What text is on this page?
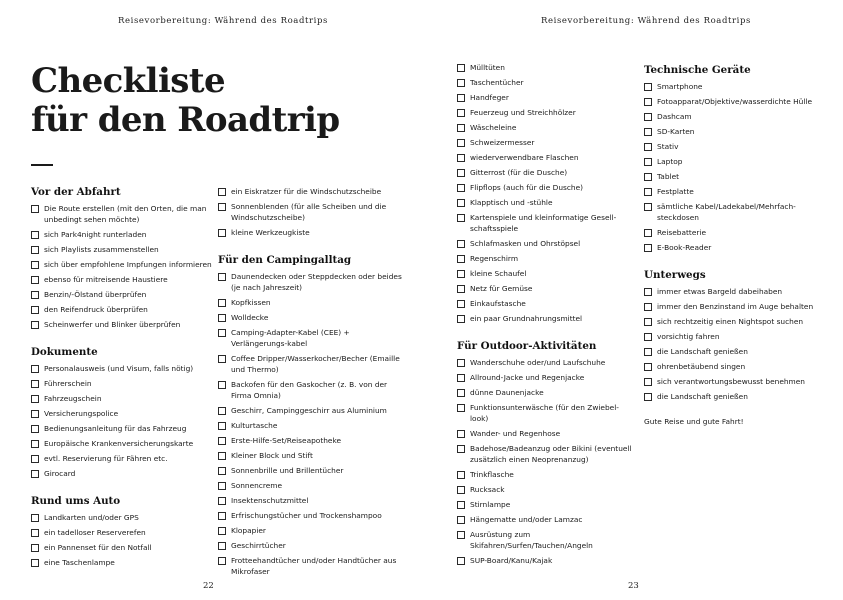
Reisevorbereitung: Während des Roadtrips	Reisevorbereitung: Während des Roadtrips
Checkliste
für den Roadtrip
Vor der Abfahrt
Die Route erstellen (mit den Orten, die man unbedingt sehen möchte)
sich Park4night runterladen
sich Playlists zusammenstellen
sich über empfohlene Impfungen informieren
ebenso für mitreisende Haustiere
Benzin/-Ölstand überprüfen
den Reifendruck überprüfen
Scheinwerfer und Blinker überprüfen
Dokumente
Personalausweis (und Visum, falls nötig)
Führerschein
Fahrzeugschein
Versicherungspolice
Bedienungsanleitung für das Fahrzeug
Europäische Krankenversicherungskarte
evtl. Reservierung für Fähren etc.
Girocard
Rund ums Auto
Landkarten und/oder GPS
ein tadelloser Reserverefen
ein Pannenset für den Notfall
eine Taschenlampe
ein Eiskratzer für die Windschutzscheibe
Sonnenblenden (für alle Scheiben und die Windschutzscheibe)
kleine Werkzeugkiste
Für den Campingalltag
Daunendecken oder Steppdecken oder beides (je nach Jahreszeit)
Kopfkissen
Wolldecke
Camping-Adapter-Kabel (CEE) + Verlängerungs-kabel
Coffee Dripper/Wasserkocher/Becher (Emaille und Thermo)
Backofen für den Gaskocher (z. B. von der Firma Omnia)
Geschirr, Campinggeschirr aus Aluminium
Kulturtasche
Erste-Hilfe-Set/Reiseapotheke
Kleiner Block und Stift
Sonnenbrille und Brillentücher
Sonnencreme
Insektenschutzmittel
Erfrischungstücher und Trockenshampoo
Klopapier
Geschirrtücher
Frotteehandtücher und/oder Handtücher aus Mikrofaser
Mülltüten
Taschentücher
Handfeger
Feuerzeug und Streichhölzer
Wäscheleine
Schweizermesser
wiederverwendbare Flaschen
Gitterrost (für die Dusche)
Flipflops (auch für die Dusche)
Klapptisch und -stühle
Kartenspiele und kleinformatige Gesell-schaftsspiele
Schlafmasken und Ohrstöpsel
Regenschirm
kleine Schaufel
Netz für Gemüse
Einkaufstasche
ein paar Grundnahrungsmittel
Für Outdoor-Aktivitäten
Wanderschuhe oder/und Laufschuhe
Allround-Jacke und Regenjacke
dünne Daunenjacke
Funktionsunterwäsche (für den Zwiebel-look)
Wander- und Regenhose
Badehose/Badeanzug oder Bikini (eventuell zusätzlich einen Neoprenanzug)
Trinkflasche
Rucksack
Stirnlampe
Hängematte und/oder Lamzac
Ausrüstung zum Skifahren/Surfen/Tauchen/Angeln
SUP-Board/Kanu/Kajak
Technische Geräte
Smartphone
Fotoapparat/Objektive/wasserdichte Hülle
Dashcam
SD-Karten
Stativ
Laptop
Tablet
Festplatte
sämtliche Kabel/Ladekabel/Mehrfach-steckdosen
Reisebatterie
E-Book-Reader
Unterwegs
immer etwas Bargeld dabeihaben
immer den Benzinstand im Auge behalten
sich rechtzeitig einen Nightspot suchen
vorsichtig fahren
die Landschaft genießen
ohrenbetäubend singen
sich verantwortungsbewusst benehmen
die Landschaft genießen
Gute Reise und gute Fahrt!
22	23
